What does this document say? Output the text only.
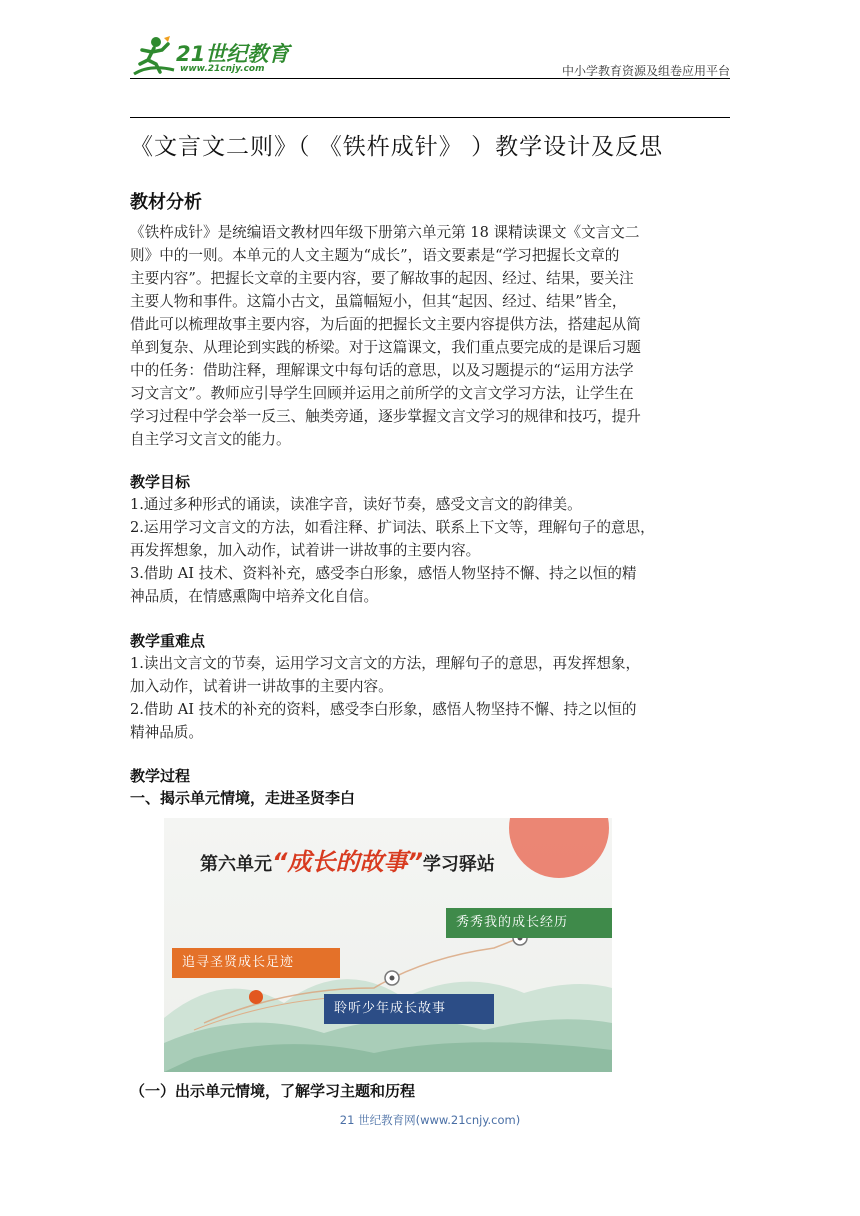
21世纪教育
www.21cnjy.com	中小学教育资源及组卷应用平台
《文言文二则》（ 《铁杵成针》 ）教学设计及反思
教材分析

《铁杵成针》是统编语文教材四年级下册第六单元第 18 课精读课文《文言文二

则》中的一则。本单元的人文主题为“成长”，语文要素是“学习把握长文章的

主要内容”。把握长文章的主要内容，要了解故事的起因、经过、结果，要关注

主要人物和事件。这篇小古文，虽篇幅短小，但其“起因、经过、结果”皆全，

借此可以梳理故事主要内容，为后面的把握长文主要内容提供方法，搭建起从简

单到复杂、从理论到实践的桥梁。对于这篇课文，我们重点要完成的是课后习题

中的任务：借助注释，理解课文中每句话的意思，以及习题提示的“运用方法学

习文言文”。教师应引导学生回顾并运用之前所学的文言文学习方法，让学生在

学习过程中学会举一反三、触类旁通，逐步掌握文言文学习的规律和技巧，提升

自主学习文言文的能力。

教学目标

1.通过多种形式的诵读，读准字音，读好节奏，感受文言文的韵律美。

2.运用学习文言文的方法，如看注释、扩词法、联系上下文等，理解句子的意思，

再发挥想象，加入动作，试着讲一讲故事的主要内容。

3.借助 AI 技术、资料补充，感受李白形象，感悟人物坚持不懈、持之以恒的精

神品质，在情感熏陶中培养文化自信。

教学重难点

1.读出文言文的节奏，运用学习文言文的方法，理解句子的意思，再发挥想象，

加入动作，试着讲一讲故事的主要内容。

2.借助 AI 技术的补充的资料，感受李白形象，感悟人物坚持不懈、持之以恒的

精神品质。

教学过程
一、揭示单元情境，走进圣贤李白
第六单元“成长的故事”学习驿站
追寻圣贤成长足迹
聆听少年成长故事
秀秀我的成长经历
（一）出示单元情境，了解学习主题和历程
21 世纪教育网(www.21cnjy.com)
